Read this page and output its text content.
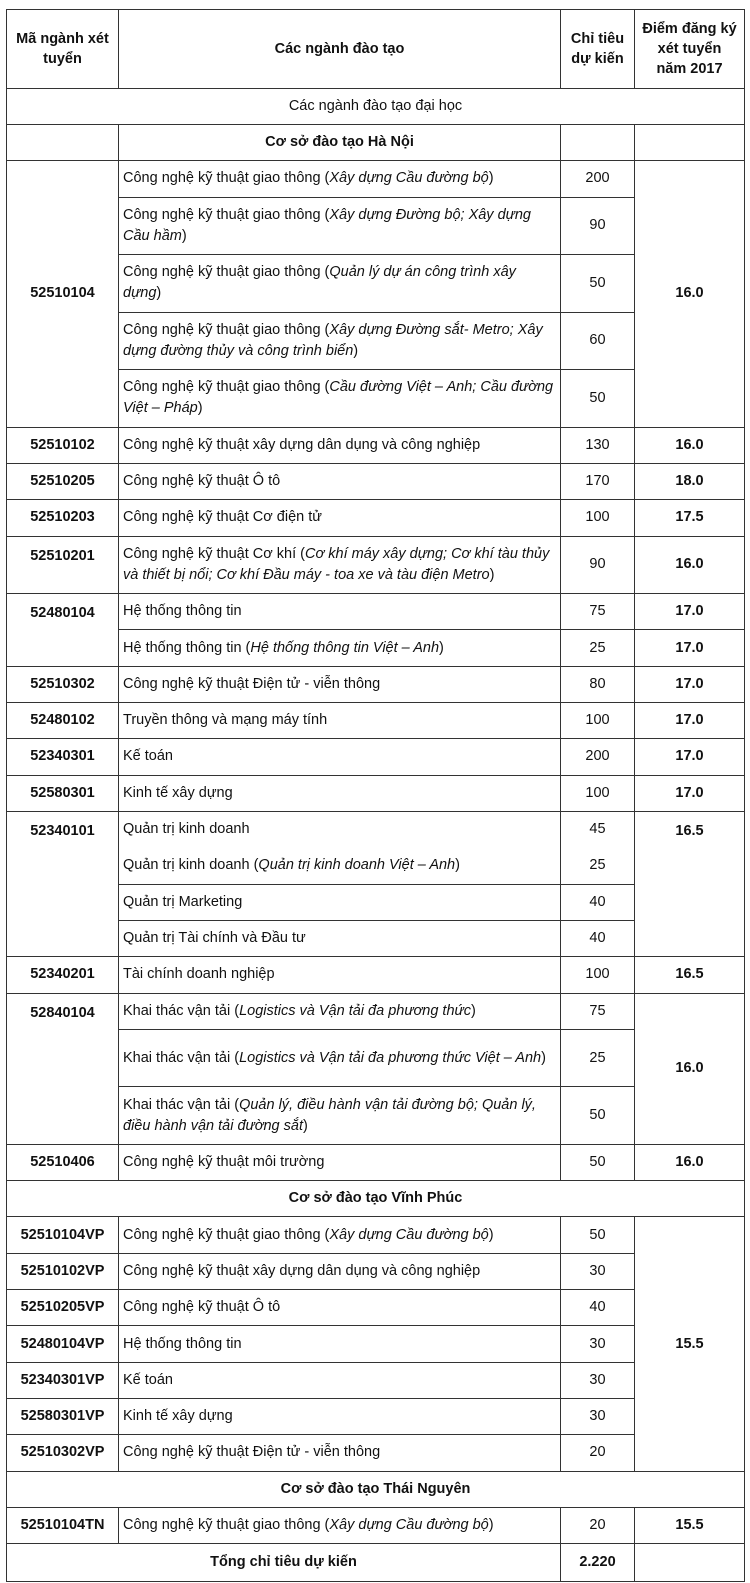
Mã ngành xét tuyển	Các ngành đào tạo	Chỉ tiêu dự kiến	Điểm đăng ký xét tuyển năm 2017
Các ngành đào tạo đại học			
	Cơ sở đào tạo Hà Nội		
52510104	Công nghệ kỹ thuật giao thông (Xây dựng Cầu đường bộ)	200	16.0
	Công nghệ kỹ thuật giao thông (Xây dựng Đường bộ; Xây dựng Cầu hầm)	90	
	Công nghệ kỹ thuật giao thông (Quản lý dự án công trình xây dựng)	50	
	Công nghệ kỹ thuật giao thông (Xây dựng Đường sắt- Metro; Xây dựng đường thủy và công trình biển)	60	
	Công nghệ kỹ thuật giao thông (Cầu đường Việt – Anh; Cầu đường Việt – Pháp)	50	
52510102	Công nghệ kỹ thuật xây dựng dân dụng và công nghiệp	130	16.0
52510205	Công nghệ kỹ thuật Ô tô	170	18.0
52510203	Công nghệ kỹ thuật Cơ điện tử	100	17.5
52510201	Công nghệ kỹ thuật Cơ khí (Cơ khí máy xây dựng; Cơ khí tàu thủy và thiết bị nổi; Cơ khí Đầu máy - toa xe và tàu điện Metro)	90	16.0
52480104	Hệ thống thông tin	75	17.0
	Hệ thống thông tin (Hệ thống thông tin Việt – Anh)	25	17.0
52510302	Công nghệ kỹ thuật Điện tử - viễn thông	80	17.0
52480102	Truyền thông và mạng máy tính	100	17.0
52340301	Kế toán	200	17.0
52580301	Kinh tế xây dựng	100	17.0
52340101	Quản trị kinh doanh	45	16.5
	Quản trị kinh doanh (Quản trị kinh doanh Việt – Anh)	25	
	Quản trị Marketing	40	
	Quản trị Tài chính và Đầu tư	40	
52340201	Tài chính doanh nghiệp	100	16.5
52840104	Khai thác vận tải (Logistics và Vận tải đa phương thức)	75	16.0
	Khai thác vận tải (Logistics và Vận tải đa phương thức Việt – Anh)	25	
	Khai thác vận tải (Quản lý, điều hành vận tải đường bộ; Quản lý, điều hành vận tải đường sắt)	50	
52510406	Công nghệ kỹ thuật môi trường	50	16.0
Cơ sở đào tạo Vĩnh Phúc			
52510104VP	Công nghệ kỹ thuật giao thông (Xây dựng Cầu đường bộ)	50	15.5
52510102VP	Công nghệ kỹ thuật xây dựng dân dụng và công nghiệp	30	
52510205VP	Công nghệ kỹ thuật Ô tô	40	
52480104VP	Hệ thống thông tin	30	
52340301VP	Kế toán	30	
52580301VP	Kinh tế xây dựng	30	
52510302VP	Công nghệ kỹ thuật Điện tử - viễn thông	20	
Cơ sở đào tạo Thái Nguyên			
52510104TN	Công nghệ kỹ thuật giao thông (Xây dựng Cầu đường bộ)	20	15.5
Tổng chỉ tiêu dự kiến		2.220	
